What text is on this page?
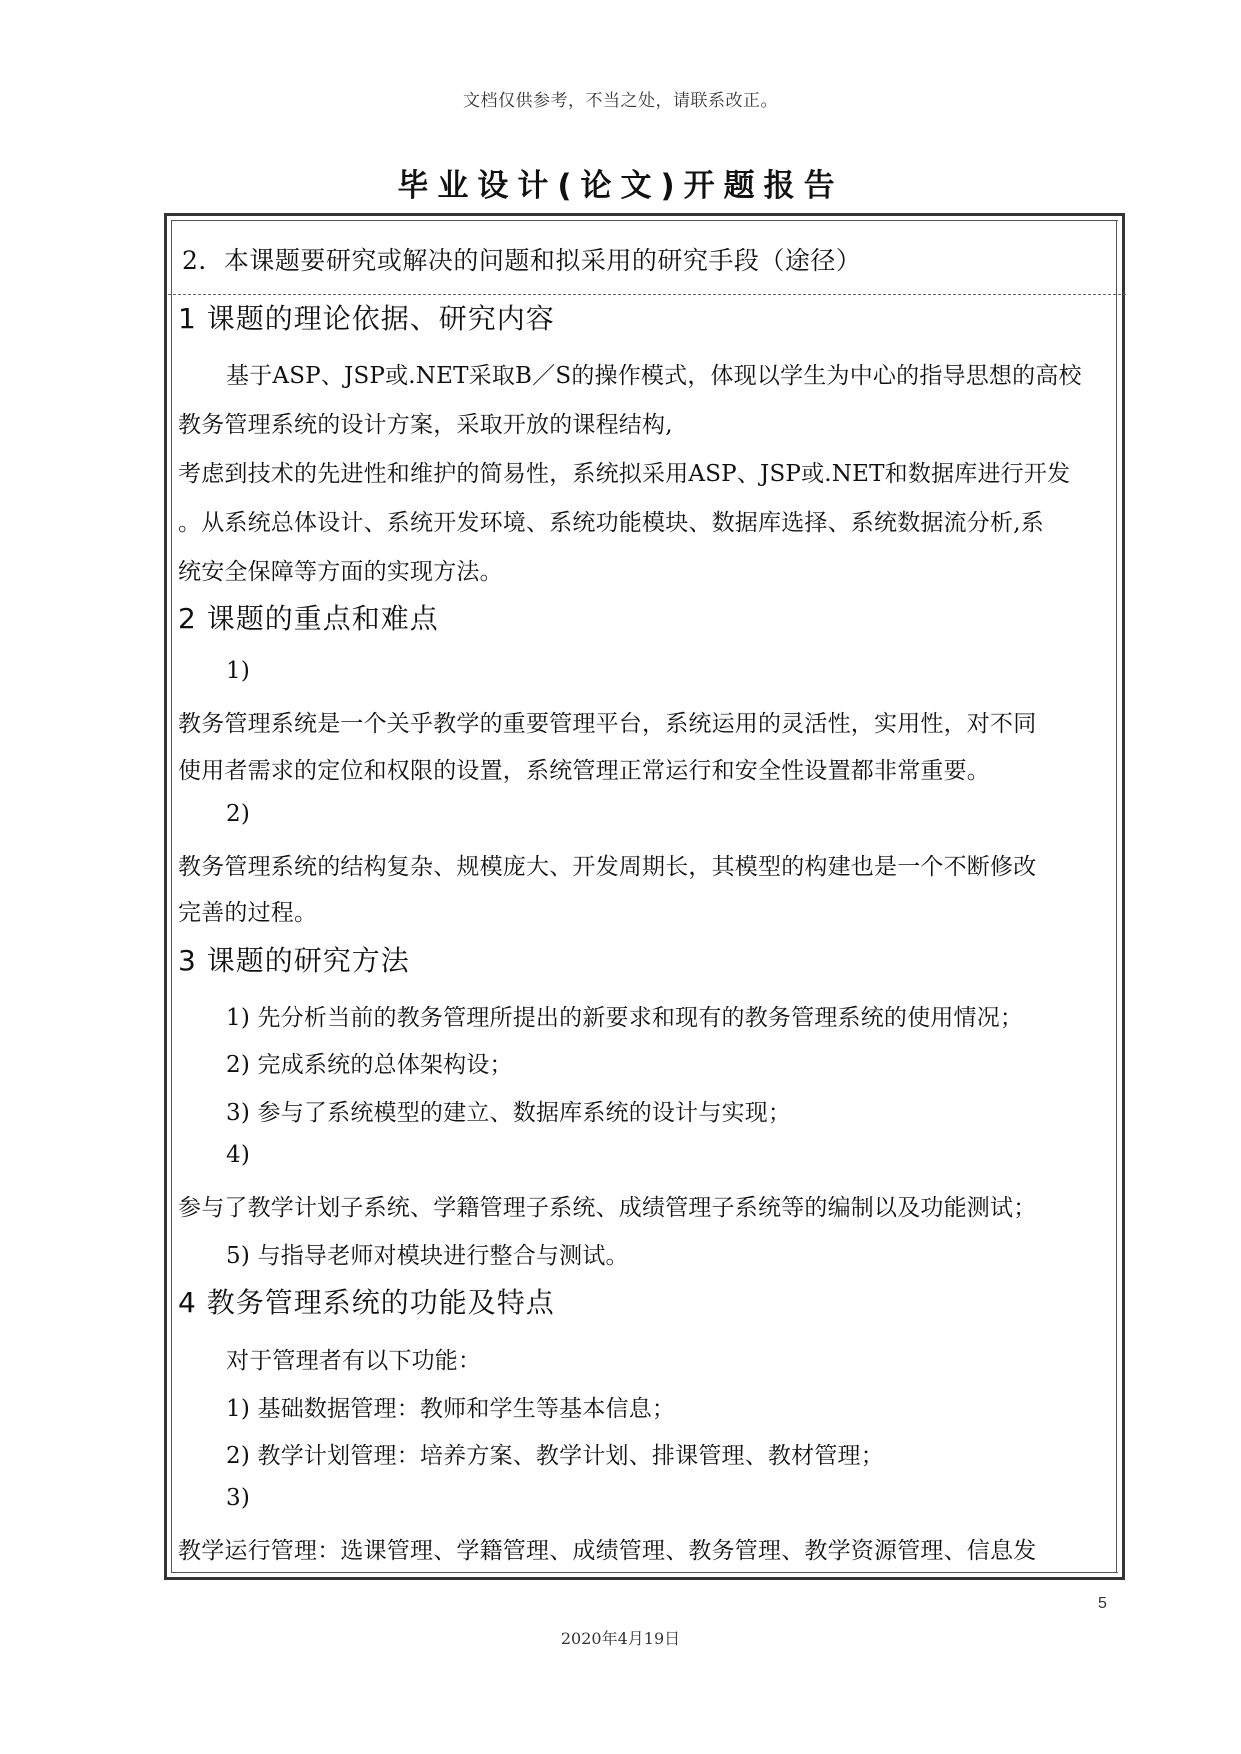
文档仅供参考，不当之处，请联系改正。
毕业设计(论文)开题报告
2．本课题要研究或解决的问题和拟采用的研究手段（途径）
1 课题的理论依据、研究内容
基于ASP、JSP或.NET采取B／S的操作模式，体现以学生为中心的指导思想的高校
教务管理系统的设计方案，采取开放的课程结构,
考虑到技术的先进性和维护的简易性，系统拟采用ASP、JSP或.NET和数据库进行开发
。从系统总体设计、系统开发环境、系统功能模块、数据库选择、系统数据流分析,系
统安全保障等方面的实现方法。
2 课题的重点和难点
1)
教务管理系统是一个关乎教学的重要管理平台，系统运用的灵活性，实用性，对不同
使用者需求的定位和权限的设置，系统管理正常运行和安全性设置都非常重要。
2)
教务管理系统的结构复杂、规模庞大、开发周期长，其模型的构建也是一个不断修改
完善的过程。
3 课题的研究方法
1) 先分析当前的教务管理所提出的新要求和现有的教务管理系统的使用情况；
2) 完成系统的总体架构设；
3) 参与了系统模型的建立、数据库系统的设计与实现；
4)
参与了教学计划子系统、学籍管理子系统、成绩管理子系统等的编制以及功能测试；
5) 与指导老师对模块进行整合与测试。
4 教务管理系统的功能及特点
对于管理者有以下功能：
1) 基础数据管理：教师和学生等基本信息；
2) 教学计划管理：培养方案、教学计划、排课管理、教材管理；
3)
教学运行管理：选课管理、学籍管理、成绩管理、教务管理、教学资源管理、信息发
5
2020年4月19日
